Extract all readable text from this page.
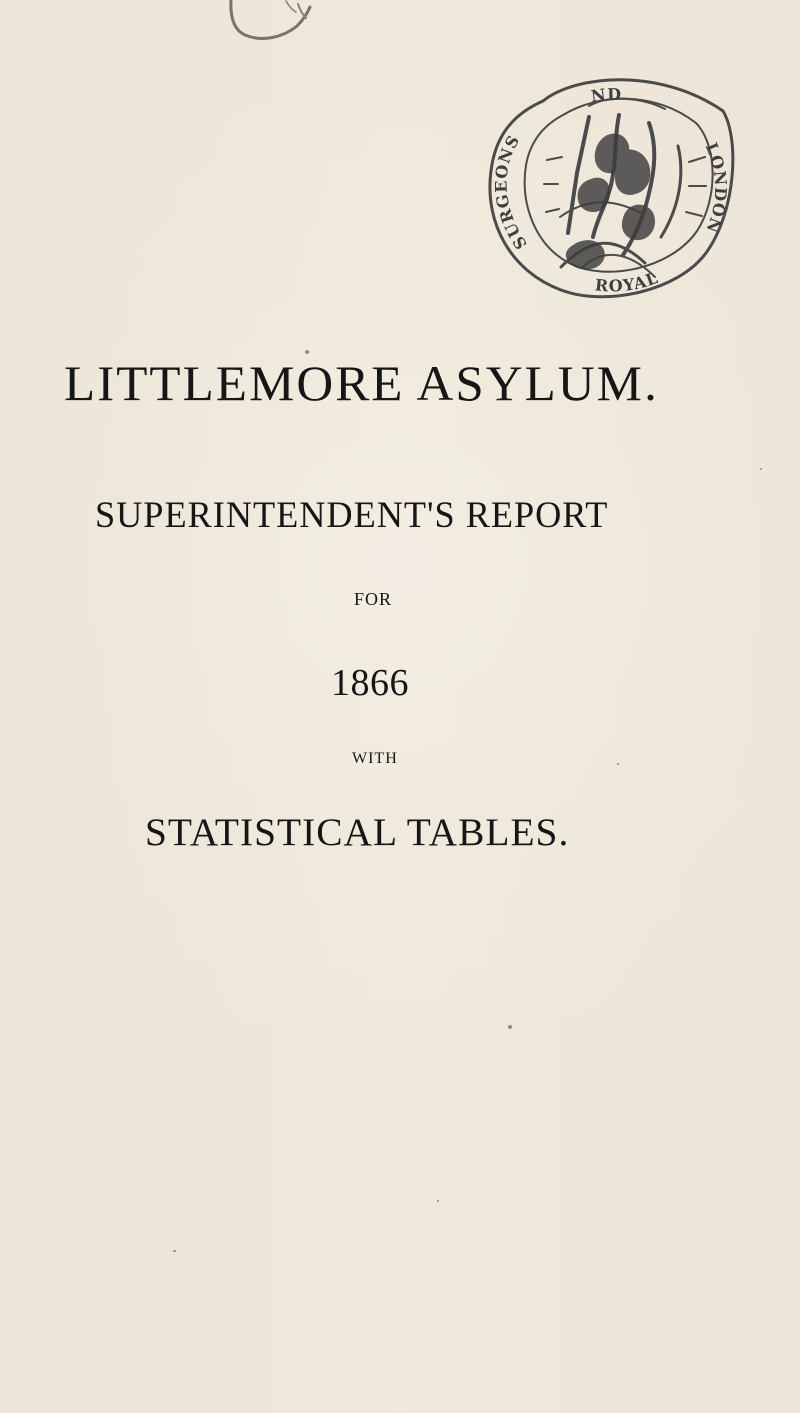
ND
SURGEONS	LONDON
ROYAL
LITTLEMORE ASYLUM.
SUPERINTENDENT'S REPORT
FOR
1866
WITH
STATISTICAL TABLES.
